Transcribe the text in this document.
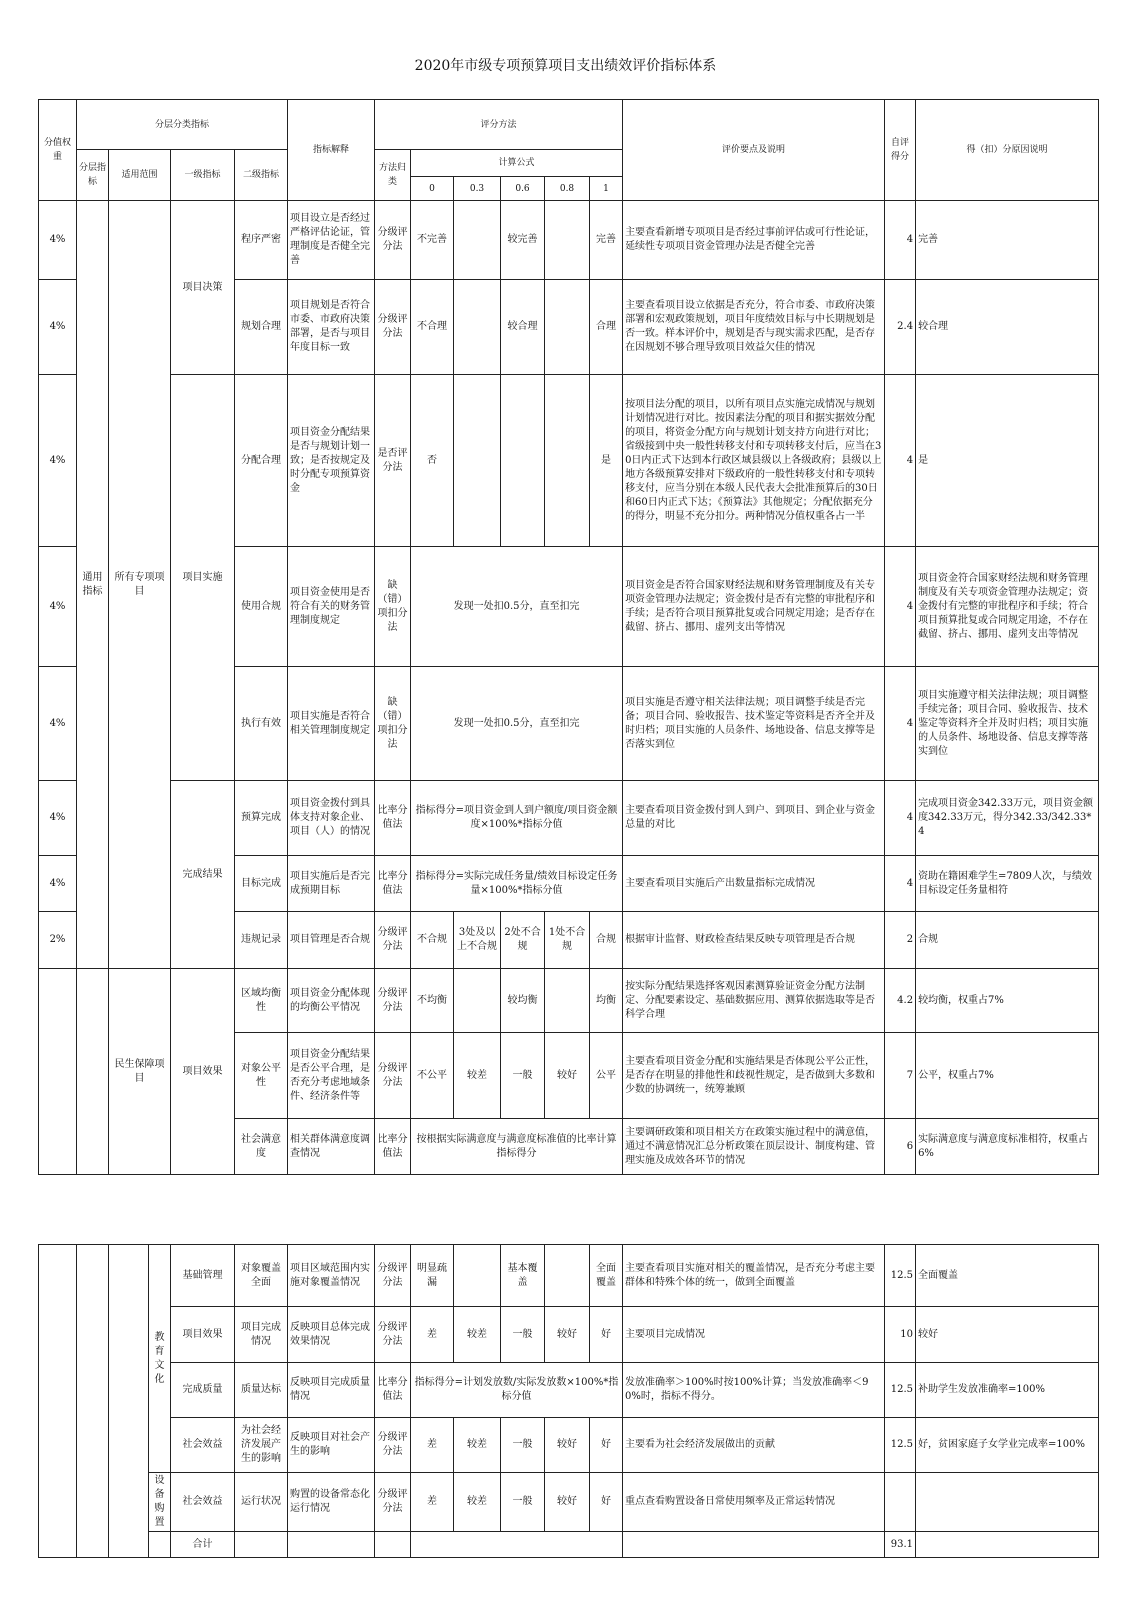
2020年市级专项预算项目支出绩效评价指标体系
分值权重	分层分类指标				指标解释	评分方法						评价要点及说明	自评得分	得（扣）分原因说明
	分层指标	适用范围	一级指标	二级指标		方法归类	计算公式							
							0	0.3	0.6	0.8	1			
4%	通用指标	所有专项项目	项目决策	程序严密	项目设立是否经过严格评估论证，管理制度是否健全完善	分级评分法	不完善		较完善		完善	主要查看新增专项项目是否经过事前评估或可行性论证，延续性专项项目资金管理办法是否健全完善	4	完善
4%				规划合理	项目规划是否符合市委、市政府决策部署，是否与项目年度目标一致	分级评分法	不合理		较合理		合理	主要查看项目设立依据是否充分，符合市委、市政府决策部署和宏观政策规划，项目年度绩效目标与中长期规划是否一致。样本评价中，规划是否与现实需求匹配，是否存在因规划不够合理导致项目效益欠佳的情况	2.4	较合理
4%			项目实施	分配合理	项目资金分配结果是否与规划计划一致；是否按规定及时分配专项预算资金	是否评分法	否				是	按项目法分配的项目，以所有项目点实施完成情况与规划计划情况进行对比。按因素法分配的项目和据实据效分配的项目，将资金分配方向与规划计划支持方向进行对比；省级接到中央一般性转移支付和专项转移支付后，应当在30日内正式下达到本行政区域县级以上各级政府；县级以上地方各级预算安排对下级政府的一般性转移支付和专项转移支付，应当分别在本级人民代表大会批准预算后的30日和60日内正式下达；《预算法》其他规定；分配依据充分的得分，明显不充分扣分。两种情况分值权重各占一半	4	是
4%				使用合规	项目资金使用是否符合有关的财务管理制度规定	缺（错）项扣分法	发现一处扣0.5分，直至扣完					项目资金是否符合国家财经法规和财务管理制度及有关专项资金管理办法规定；资金拨付是否有完整的审批程序和手续；是否符合项目预算批复或合同规定用途；是否存在截留、挤占、挪用、虚列支出等情况	4	项目资金符合国家财经法规和财务管理制度及有关专项资金管理办法规定；资金拨付有完整的审批程序和手续；符合项目预算批复或合同规定用途，不存在截留、挤占、挪用、虚列支出等情况
4%				执行有效	项目实施是否符合相关管理制度规定	缺（错）项扣分法	发现一处扣0.5分，直至扣完					项目实施是否遵守相关法律法规；项目调整手续是否完备；项目合同、验收报告、技术鉴定等资料是否齐全并及时归档；项目实施的人员条件、场地设备、信息支撑等是否落实到位	4	项目实施遵守相关法律法规；项目调整手续完备；项目合同、验收报告、技术鉴定等资料齐全并及时归档；项目实施的人员条件、场地设备、信息支撑等落实到位
4%			完成结果	预算完成	项目资金拨付到具体支持对象企业、项目（人）的情况	比率分值法	指标得分=项目资金到人到户额度/项目资金额度×100%*指标分值					主要查看项目资金拨付到人到户、到项目、到企业与资金总量的对比	4	完成项目资金342.33万元，项目资金额度342.33万元，得分342.33/342.33*4
4%				目标完成	项目实施后是否完成预期目标	比率分值法	指标得分=实际完成任务量/绩效目标设定任务量×100%*指标分值					主要查看项目实施后产出数量指标完成情况	4	资助在籍困难学生=7809人次，与绩效目标设定任务量相符
2%				违规记录	项目管理是否合规	分级评分法	不合规	3处及以上不合规	2处不合规	1处不合规	合规	根据审计监督、财政检查结果反映专项管理是否合规	2	合规
		民生保障项目	项目效果	区域均衡性	项目资金分配体现的均衡公平情况	分级评分法	不均衡		较均衡		均衡	按实际分配结果选择客观因素测算验证资金分配方法制定、分配要素设定、基础数据应用、测算依据选取等是否科学合理	4.2	较均衡，权重占7%
				对象公平性	项目资金分配结果是否公平合理，是否充分考虑地域条件、经济条件等	分级评分法	不公平	较差	一般	较好	公平	主要查看项目资金分配和实施结果是否体现公平公正性，是否存在明显的排他性和歧视性规定，是否做到大多数和少数的协调统一，统筹兼顾	7	公平，权重占7%
				社会满意度	相关群体满意度调查情况	比率分值法	按根据实际满意度与满意度标准值的比率计算指标得分					主要调研政策和项目相关方在政策实施过程中的满意值，通过不满意情况汇总分析政策在顶层设计、制度构建、管理实施及成效各环节的情况	6	实际满意度与满意度标准相符，权重占6%
			教育文化	基础管理	对象覆盖全面	项目区域范围内实施对象覆盖情况	分级评分法	明显疏漏		基本覆盖		全面覆盖	主要查看项目实施对相关的覆盖情况，是否充分考虑主要群体和特殊个体的统一，做到全面覆盖	12.5	全面覆盖
				项目效果	项目完成情况	反映项目总体完成效果情况	分级评分法	差	较差	一般	较好	好	主要项目完成情况	10	较好
				完成质量	质量达标	反映项目完成质量情况	比率分值法	指标得分=计划发放数/实际发放数×100%*指标分值					发放准确率＞100%时按100%计算；当发放准确率＜90%时，指标不得分。	12.5	补助学生发放准确率=100%
				社会效益	为社会经济发展产生的影响	反映项目对社会产生的影响	分级评分法	差	较差	一般	较好	好	主要看为社会经济发展做出的贡献	12.5	好，贫困家庭子女学业完成率=100%
			设备购置	社会效益	运行状况	购置的设备常态化运行情况	分级评分法	差	较差	一般	较好	好	重点查看购置设备日常使用频率及正常运转情况		
				合计										93.1	
